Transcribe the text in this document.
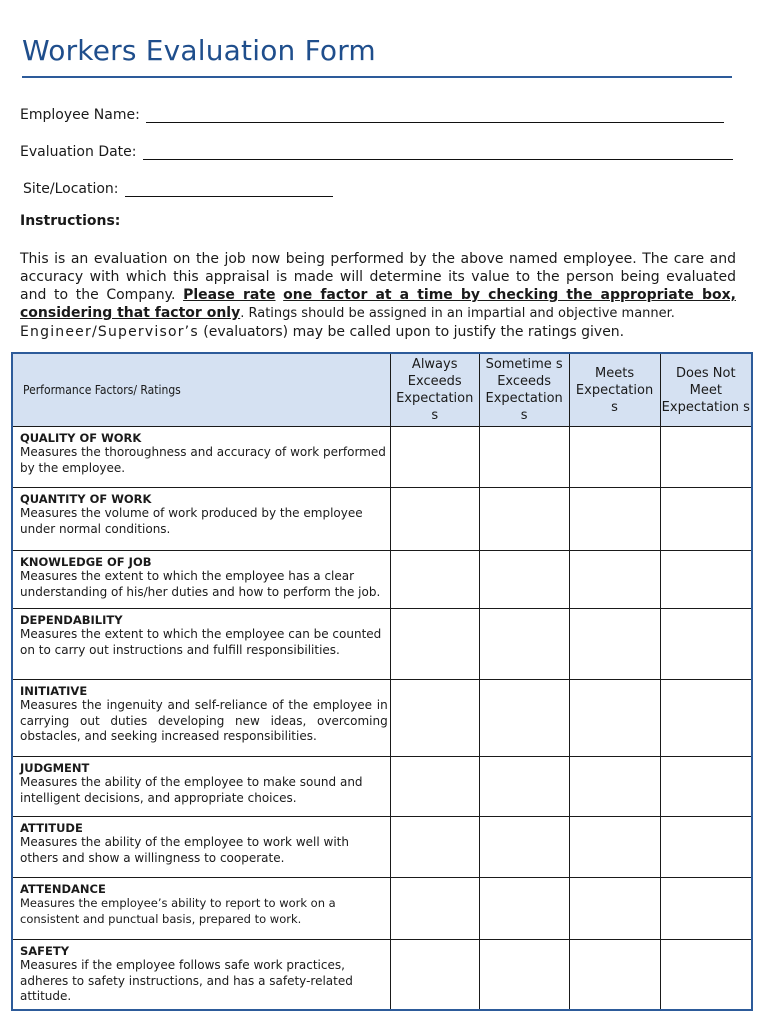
Workers Evaluation Form
Employee Name:
Evaluation Date:
Site/Location:
Instructions:
This is an evaluation on the job now being performed by the above named employee. The care and accuracy with which this appraisal is made will determine its value to the person being evaluated and to the Company. Please rate one factor at a time by checking the appropriate box, considering that factor only. Ratings should be assigned in an impartial and objective manner.
Engineer/Supervisor’s (evaluators) may be called upon to justify the ratings given.
Performance Factors/ Ratings	Always Exceeds Expectation s	Sometime s Exceeds Expectation s	Meets Expectation s	Does Not Meet Expectation s

QUALITY OF WORK
Measures the thoroughness and accuracy of work performed by the employee.				

QUANTITY OF WORK
Measures the volume of work produced by the employee under normal conditions.				

KNOWLEDGE OF JOB
Measures the extent to which the employee has a clear understanding of his/her duties and how to perform the job.				

DEPENDABILITY
Measures the extent to which the employee can be counted on to carry out instructions and fulfill responsibilities.				

INITIATIVE
Measures the ingenuity and self-reliance of the employee in carrying out duties developing new ideas, overcoming obstacles, and seeking increased responsibilities.				

JUDGMENT
Measures the ability of the employee to make sound and intelligent decisions, and appropriate choices.				

ATTITUDE
Measures the ability of the employee to work well with others and show a willingness to cooperate.				

ATTENDANCE
Measures the employee’s ability to report to work on a consistent and punctual basis, prepared to work.				

SAFETY
Measures if the employee follows safe work practices, adheres to safety instructions, and has a safety-related attitude.				
